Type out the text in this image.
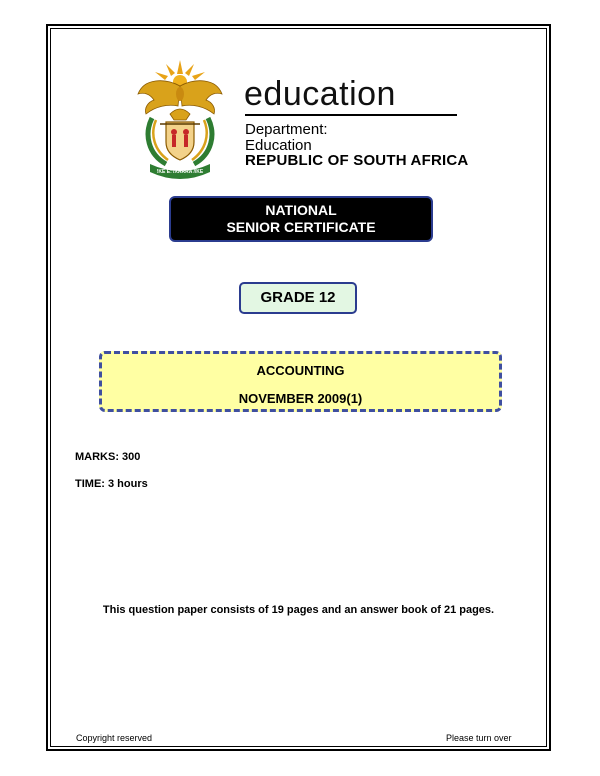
!KE E: /XARRA //KE
education
Department:
Education
REPUBLIC OF SOUTH AFRICA
NATIONAL
SENIOR CERTIFICATE
GRADE 12
ACCOUNTING
NOVEMBER 2009(1)
MARKS: 300
TIME: 3 hours
This question paper consists of 19 pages and an answer book of 21 pages.
Copyright reserved	Please turn over
